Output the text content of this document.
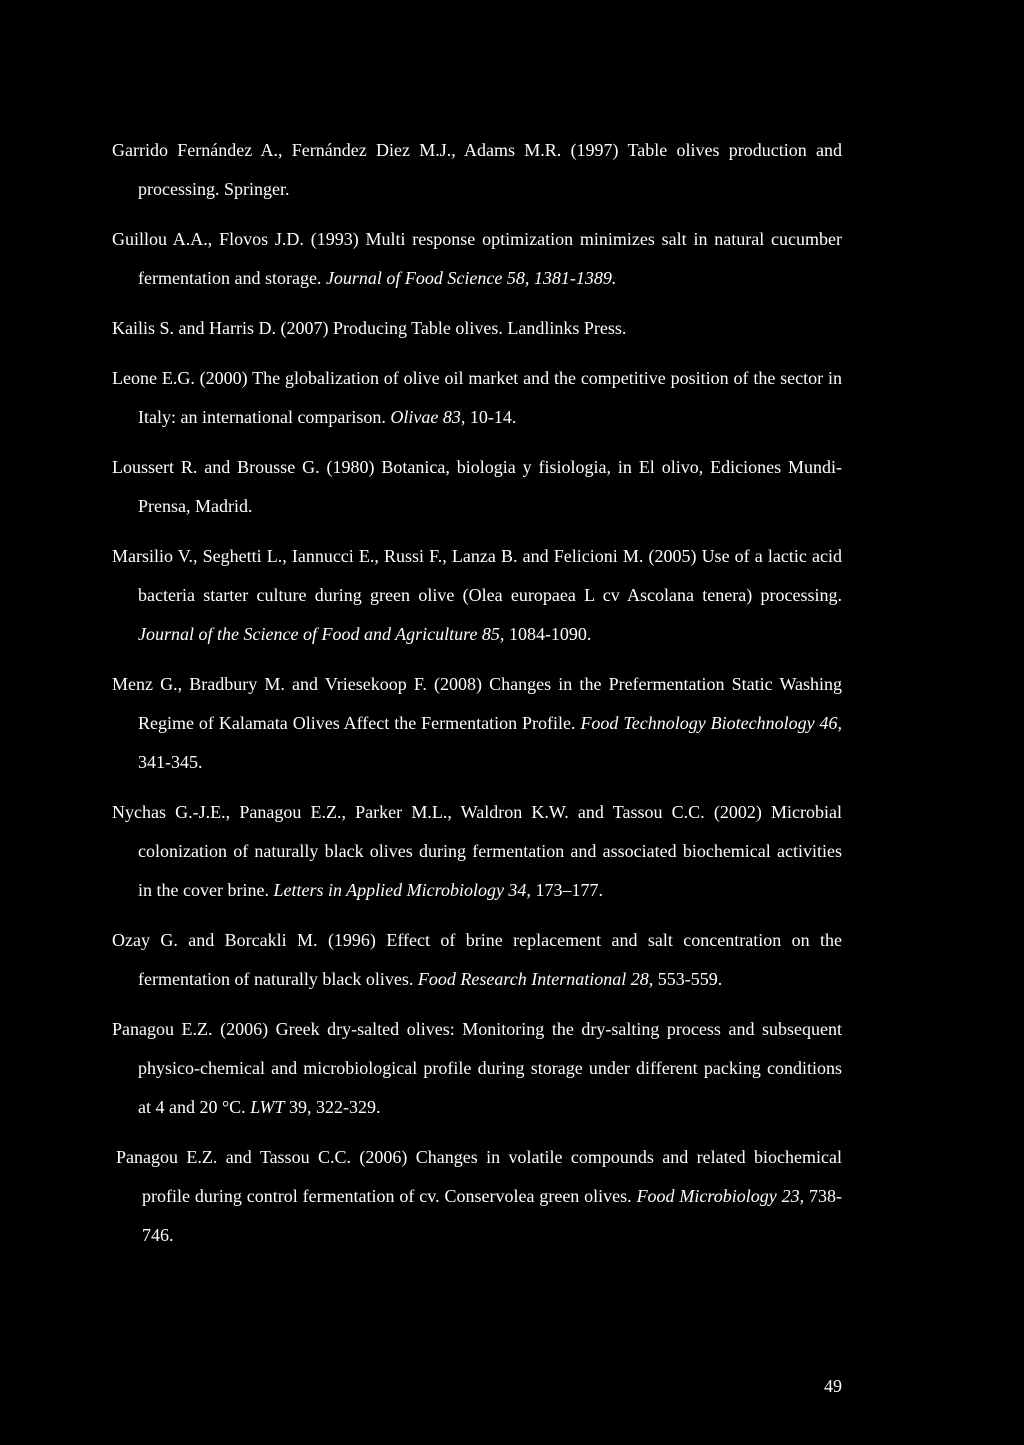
Garrido Fernández A., Fernández Diez M.J., Adams M.R. (1997) Table olives production and processing. Springer.

Guillou A.A., Flovos J.D. (1993) Multi response optimization minimizes salt in natural cucumber fermentation and storage. Journal of Food Science 58, 1381-1389.

Kailis S. and Harris D. (2007) Producing Table olives. Landlinks Press.

Leone E.G. (2000) The globalization of olive oil market and the competitive position of the sector in Italy: an international comparison. Olivae 83, 10-14.

Loussert R. and Brousse G. (1980) Botanica, biologia y fisiologia, in El olivo, Ediciones Mundi-Prensa, Madrid.

Marsilio V., Seghetti L., Iannucci E., Russi F., Lanza B. and Felicioni M. (2005) Use of a lactic acid bacteria starter culture during green olive (Olea europaea L cv Ascolana tenera) processing. Journal of the Science of Food and Agriculture 85, 1084-1090.

Menz G., Bradbury M. and Vriesekoop F. (2008) Changes in the Prefermentation Static Washing Regime of Kalamata Olives Affect the Fermentation Profile. Food Technology Biotechnology 46, 341-345.

Nychas G.-J.E., Panagou E.Z., Parker M.L., Waldron K.W. and Tassou C.C. (2002) Microbial colonization of naturally black olives during fermentation and associated biochemical activities in the cover brine. Letters in Applied Microbiology 34, 173–177.

Ozay G. and Borcakli M. (1996) Effect of brine replacement and salt concentration on the fermentation of naturally black olives. Food Research International 28, 553-559.

Panagou E.Z. (2006) Greek dry-salted olives: Monitoring the dry-salting process and subsequent physico-chemical and microbiological profile during storage under different packing conditions at 4 and 20 °C. LWT 39, 322-329.

Panagou E.Z. and Tassou C.C. (2006) Changes in volatile compounds and related biochemical profile during control fermentation of cv. Conservolea green olives. Food Microbiology 23, 738-746.

49
